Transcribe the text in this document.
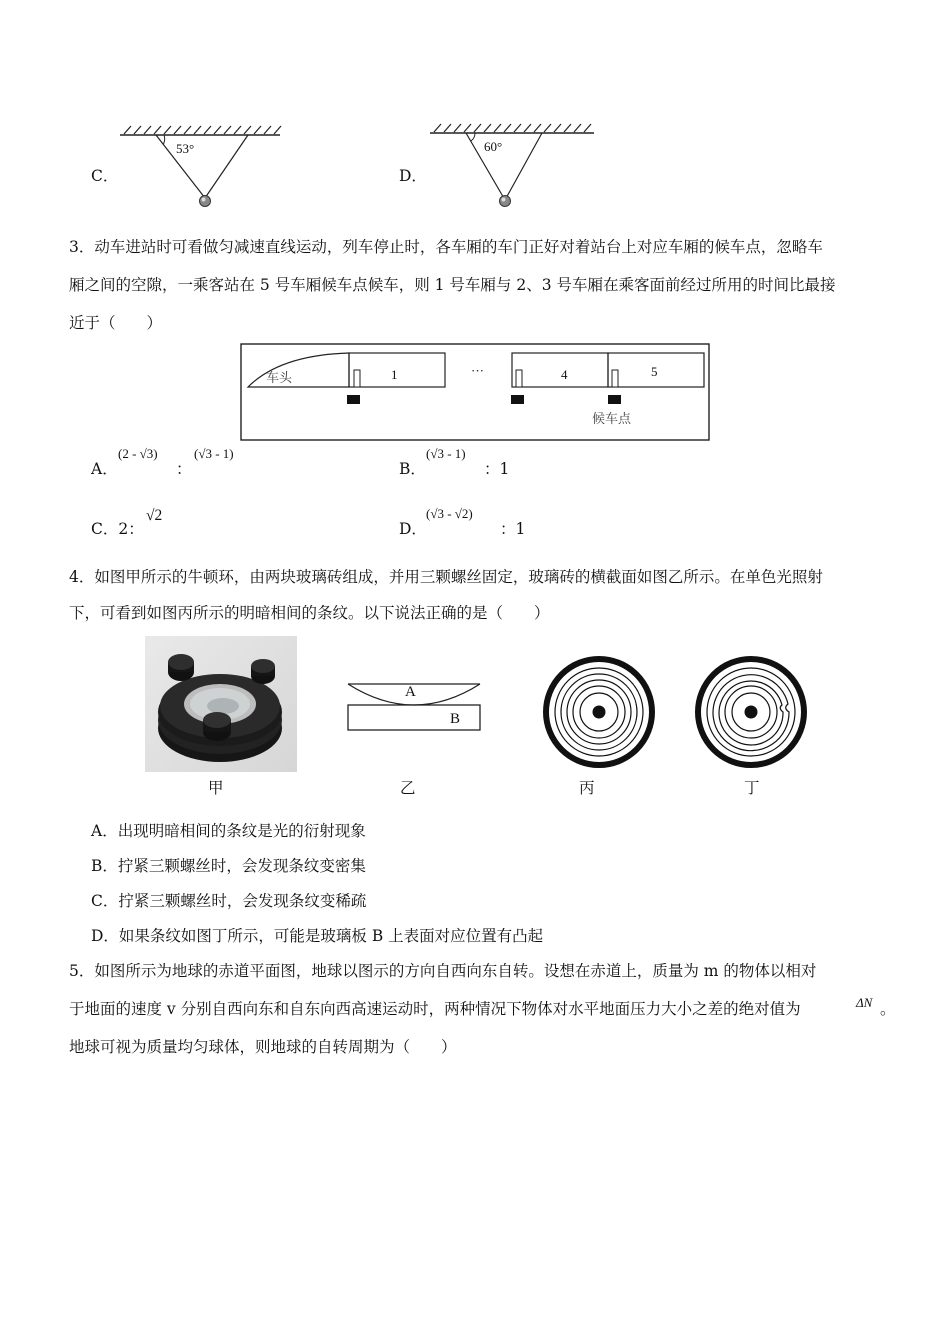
C．
53°
D．
60°
3．动车进站时可看做匀减速直线运动，列车停止时，各车厢的车门正好对着站台上对应车厢的候车点，忽略车
厢之间的空隙，一乘客站在 5 号车厢候车点候车，则 1 号车厢与 2、3 号车厢在乘客面前经过所用的时间比最接
近于（　　）
车头	1	···	4	5
候车点
A．
(2 - √3)
：
(√3 - 1)
B．
(√3 - 1)
：1
C．2：
√2
D．
(√3 - √2)
：1
4．如图甲所示的牛顿环，由两块玻璃砖组成，并用三颗螺丝固定，玻璃砖的横截面如图乙所示。在单色光照射
下，可看到如图丙所示的明暗相间的条纹。以下说法正确的是（　　）
A
B
甲	乙	丙	丁
A．出现明暗相间的条纹是光的衍射现象
B．拧紧三颗螺丝时，会发现条纹变密集
C．拧紧三颗螺丝时，会发现条纹变稀疏
D．如果条纹如图丁所示，可能是玻璃板 B 上表面对应位置有凸起
5．如图所示为地球的赤道平面图，地球以图示的方向自西向东自转。设想在赤道上，质量为 m 的物体以相对
于地面的速度 v 分别自西向东和自东向西高速运动时，两种情况下物体对水平地面压力大小之差的绝对值为	ΔN 。
地球可视为质量均匀球体，则地球的自转周期为（　　）
